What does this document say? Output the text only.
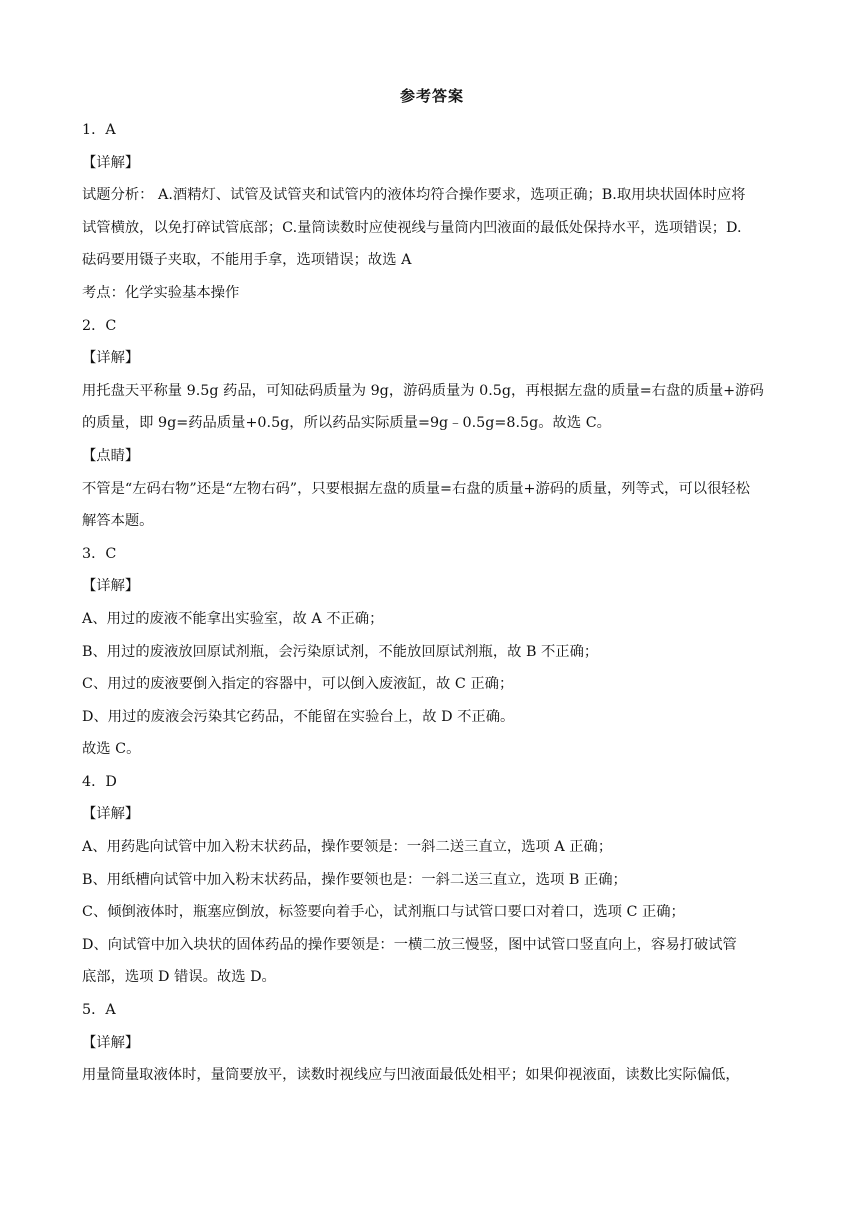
参考答案
1．A
【详解】
试题分析： A.酒精灯、试管及试管夹和试管内的液体均符合操作要求，选项正确；B.取用块状固体时应将
试管横放，以免打碎试管底部；C.量筒读数时应使视线与量筒内凹液面的最低处保持水平，选项错误；D.
砝码要用镊子夹取，不能用手拿，选项错误；故选 A
考点：化学实验基本操作
2．C
【详解】
用托盘天平称量 9.5g 药品，可知砝码质量为 9g，游码质量为 0.5g，再根据左盘的质量=右盘的质量+游码
的质量，即 9g=药品质量+0.5g，所以药品实际质量=9g﹣0.5g=8.5g。故选 C。
【点睛】
不管是“左码右物”还是“左物右码”，只要根据左盘的质量=右盘的质量+游码的质量，列等式，可以很轻松
解答本题。
3．C
【详解】
A、用过的废液不能拿出实验室，故 A 不正确；
B、用过的废液放回原试剂瓶，会污染原试剂，不能放回原试剂瓶，故 B 不正确；
C、用过的废液要倒入指定的容器中，可以倒入废液缸，故 C 正确；
D、用过的废液会污染其它药品，不能留在实验台上，故 D 不正确。
故选 C。
4．D
【详解】
A、用药匙向试管中加入粉末状药品，操作要领是：一斜二送三直立，选项 A 正确；
B、用纸槽向试管中加入粉末状药品，操作要领也是：一斜二送三直立，选项 B 正确；
C、倾倒液体时，瓶塞应倒放，标签要向着手心，试剂瓶口与试管口要口对着口，选项 C 正确；
D、向试管中加入块状的固体药品的操作要领是：一横二放三慢竖，图中试管口竖直向上，容易打破试管
底部，选项 D 错误。故选 D。
5．A
【详解】
用量筒量取液体时，量筒要放平，读数时视线应与凹液面最低处相平；如果仰视液面，读数比实际偏低，
